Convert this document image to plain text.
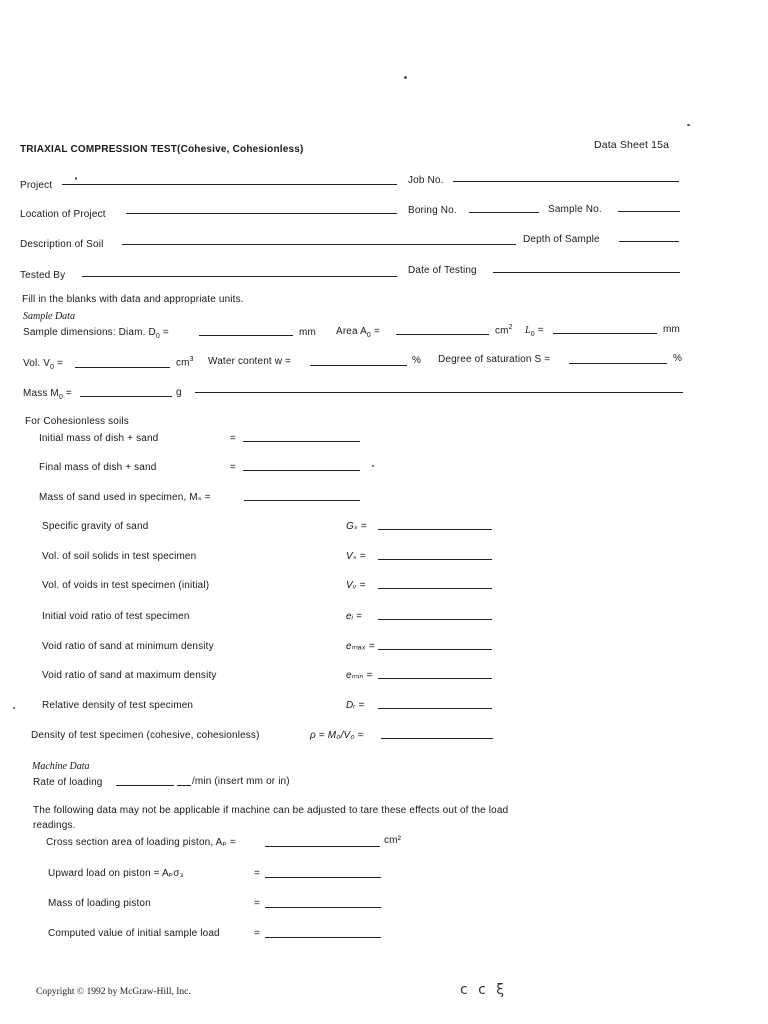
TRIAXIAL COMPRESSION TEST(Cohesive, Cohesionless)	Data Sheet 15a
Project	Job No.
Location of Project	Boring No.	Sample No.
Description of Soil	Depth of Sample
Tested By	Date of Testing
Fill in the blanks with data and appropriate units.
Sample Data
Sample dimensions: Diam. $D_0$ =	mm Area $A_0$ =	$cm^2$ $L_0$ =	mm
Vol. $V_0$ =	$cm^3$ Water content w =	% Degree of saturation S =	%
Mass $M_0$ =	g
For Cohesionless soils
Initial mass of dish + sand	=
Final mass of dish + sand	=
Mass of sand used in specimen, Mₛ =
Specific gravity of sand	Gₛ =
Vol. of soil solids in test specimen	Vₛ =
Vol. of voids in test specimen (initial)	Vᵥ =
Initial void ratio of test specimen	eᵢ =
Void ratio of sand at minimum density	eₘₐₓ =
Void ratio of sand at maximum density	eₘᵢₙ =
Relative density of test specimen	Dᵣ =
Density of test specimen (cohesive, cohesionless)	ρ = M₀/V₀ =
Machine Data
Rate of loading	/min (insert mm or in)
The following data may not be applicable if machine can be adjusted to tare these effects out of the load
readings.
Cross section area of loading piston, Aₚ =	cm²
Upward load on piston = Aₚσ₃	=
Mass of loading piston	=
Computed value of initial sample load	=
Copyright © 1992 by McGraw-Hill, Inc.	c c ξ
